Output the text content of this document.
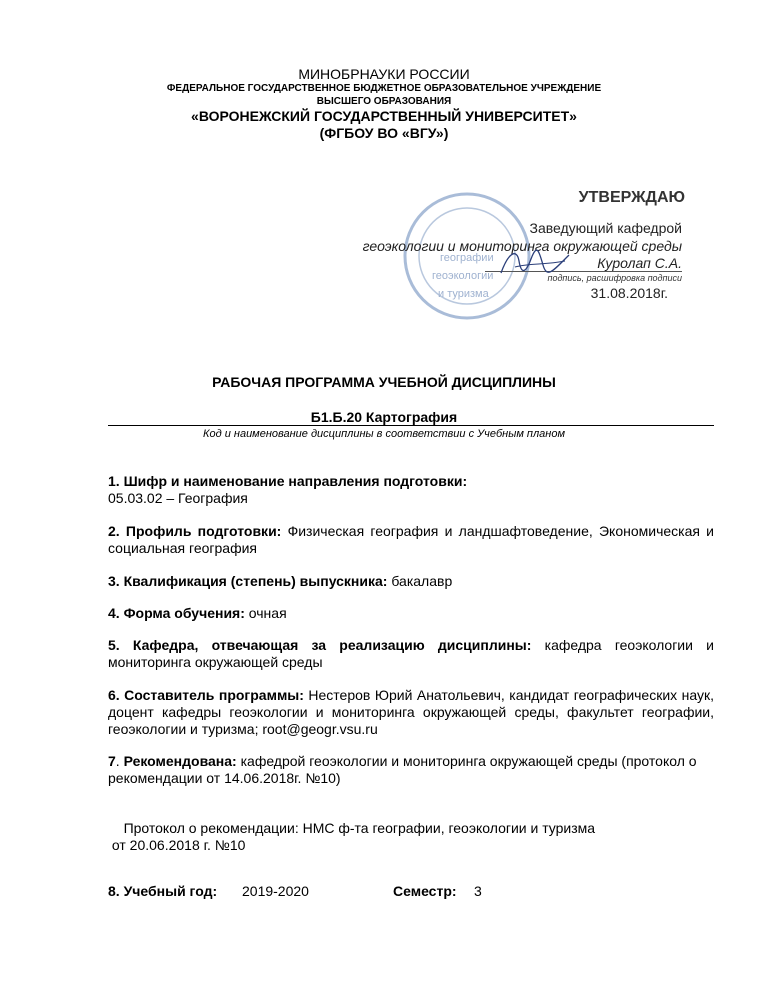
МИНОБРНАУКИ РОССИИ
ФЕДЕРАЛЬНОЕ ГОСУДАРСТВЕННОЕ БЮДЖЕТНОЕ ОБРАЗОВАТЕЛЬНОЕ УЧРЕЖДЕНИЕ
ВЫСШЕГО ОБРАЗОВАНИЯ
«ВОРОНЕЖСКИЙ ГОСУДАРСТВЕННЫЙ УНИВЕРСИТЕТ»
(ФГБОУ ВО «ВГУ»)
географии
геоэкологии
и туризма
УТВЕРЖДАЮ
Заведующий кафедрой
геоэкологии и мониторинга окружающей среды
Куролап С.А.
подпись, расшифровка подписи
31.08.2018г.
РАБОЧАЯ ПРОГРАММА УЧЕБНОЙ ДИСЦИПЛИНЫ
Б1.Б.20 Картография
Код и наименование дисциплины в соответствии с Учебным планом
1. Шифр и наименование направления подготовки:
05.03.02 – География
2. Профиль подготовки: Физическая география и ландшафтоведение, Экономическая и социальная география
3. Квалификация (степень) выпускника: бакалавр
4. Форма обучения: очная
5. Кафедра, отвечающая за реализацию дисциплины: кафедра геоэкологии и мониторинга окружающей среды
6. Составитель программы: Нестеров Юрий Анатольевич, кандидат географических наук, доцент кафедры геоэкологии и мониторинга окружающей среды, факультет географии, геоэкологии и туризма; root@geogr.vsu.ru
7. Рекомендована: кафедрой геоэкологии и мониторинга окружающей среды (протокол о рекомендации от 14.06.2018г. №10)

Протокол о рекомендации: НМС ф-та географии, геоэкологии и туризма
от 20.06.2018 г. №10

8. Учебный год:	2019-2020	Семестр: 3
